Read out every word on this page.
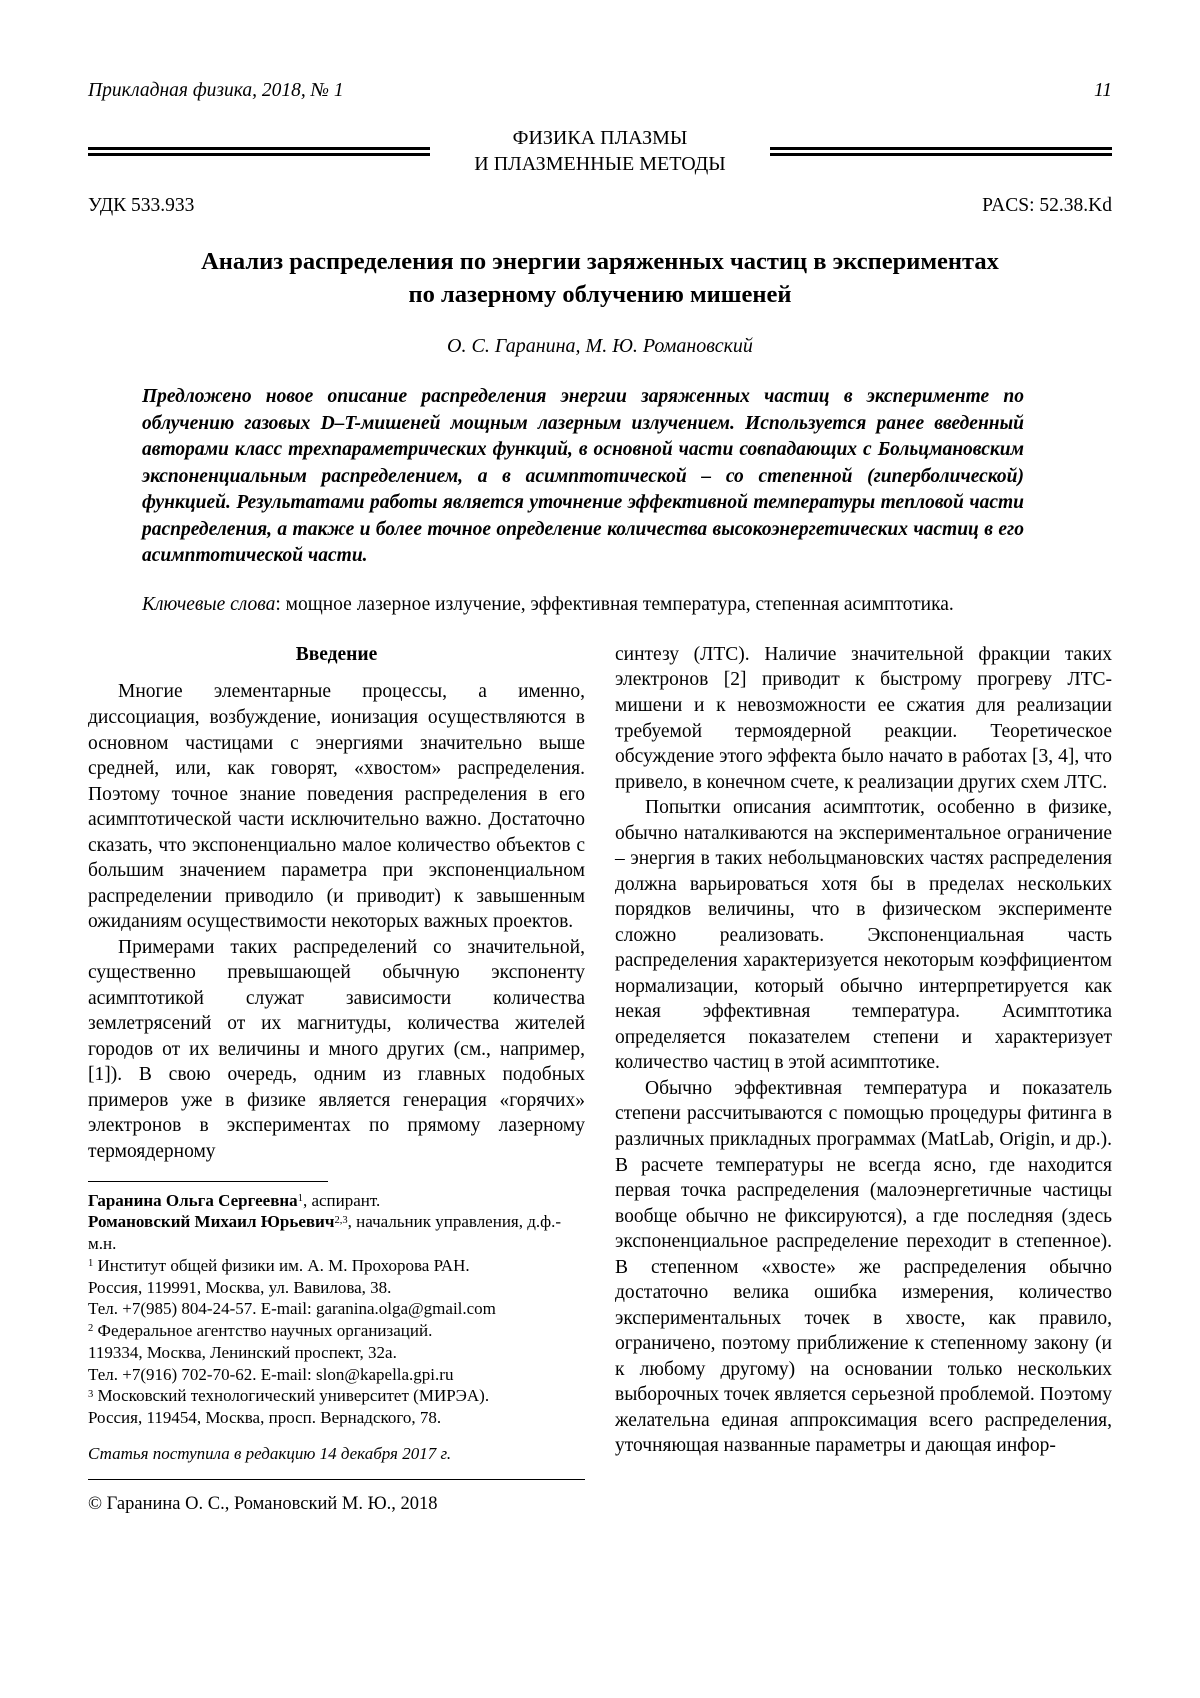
Прикладная физика, 2018, № 1	11
ФИЗИКА ПЛАЗМЫ
И ПЛАЗМЕННЫЕ МЕТОДЫ
УДК 533.933	PACS: 52.38.Kd
Анализ распределения по энергии заряженных частиц в экспериментах
по лазерному облучению мишеней
О. С. Гаранина, М. Ю. Романовский
Предложено новое описание распределения энергии заряженных частиц в эксперименте по облучению газовых D–T-мишеней мощным лазерным излучением. Используется ранее введенный авторами класс трехпараметрических функций, в основной части совпадающих с Больцмановским экспоненциальным распределением, а в асимптотической – со степенной (гиперболической) функцией. Результатами работы является уточнение эффективной температуры тепловой части распределения, а также и более точное определение количества высокоэнергетических частиц в его асимптотической части.
Ключевые слова: мощное лазерное излучение, эффективная температура, степенная асимптотика.
Введение
Многие элементарные процессы, а именно, диссоциация, возбуждение, ионизация осуществляются в основном частицами с энергиями значительно выше средней, или, как говорят, «хвостом» распределения. Поэтому точное знание поведения распределения в его асимптотической части исключительно важно. Достаточно сказать, что экспоненциально малое количество объектов с большим значением параметра при экспоненциальном распределении приводило (и приводит) к завышенным ожиданиям осуществимости некоторых важных проектов.
Примерами таких распределений со значительной, существенно превышающей обычную экспоненту асимптотикой служат зависимости количества землетрясений от их магнитуды, количества жителей городов от их величины и много других (см., например, [1]). В свою очередь, одним из главных подобных примеров уже в физике является генерация «горячих» электронов в экспериментах по прямому лазерному термоядерному
Гаранина Ольга Сергеевна$^1$, аспирант.
Романовский Михаил Юрьевич$^{2,3}$, начальник управления, д.ф.-м.н.
$^1$ Институт общей физики им. А. М. Прохорова РАН.
Россия, 119991, Москва, ул. Вавилова, 38.
Тел. +7(985) 804-24-57. E-mail: garanina.olga@gmail.com
$^2$ Федеральное агентство научных организаций.
119334, Москва, Ленинский проспект, 32а.
Тел. +7(916) 702-70-62. E-mail: slon@kapella.gpi.ru
$^3$ Московский технологический университет (МИРЭА).
Россия, 119454, Москва, просп. Вернадского, 78.
Статья поступила в редакцию 14 декабря 2017 г.
© Гаранина О. С., Романовский М. Ю., 2018
синтезу (ЛТС). Наличие значительной фракции таких электронов [2] приводит к быстрому прогреву ЛТС-мишени и к невозможности ее сжатия для реализации требуемой термоядерной реакции. Теоретическое обсуждение этого эффекта было начато в работах [3, 4], что привело, в конечном счете, к реализации других схем ЛТС.
Попытки описания асимптотик, особенно в физике, обычно наталкиваются на экспериментальное ограничение – энергия в таких небольцмановских частях распределения должна варьироваться хотя бы в пределах нескольких порядков величины, что в физическом эксперименте сложно реализовать. Экспоненциальная часть распределения характеризуется некоторым коэффициентом нормализации, который обычно интерпретируется как некая эффективная температура. Асимптотика определяется показателем степени и характеризует количество частиц в этой асимптотике.
Обычно эффективная температура и показатель степени рассчитываются с помощью процедуры фитинга в различных прикладных программах (MatLab, Origin, и др.). В расчете температуры не всегда ясно, где находится первая точка распределения (малоэнергетичные частицы вообще обычно не фиксируются), а где последняя (здесь экспоненциальное распределение переходит в степенное). В степенном «хвосте» же распределения обычно достаточно велика ошибка измерения, количество экспериментальных точек в хвосте, как правило, ограничено, поэтому приближение к степенному закону (и к любому другому) на основании только нескольких выборочных точек является серьезной проблемой. Поэтому желательна единая аппроксимация всего распределения, уточняющая названные параметры и дающая инфор-
